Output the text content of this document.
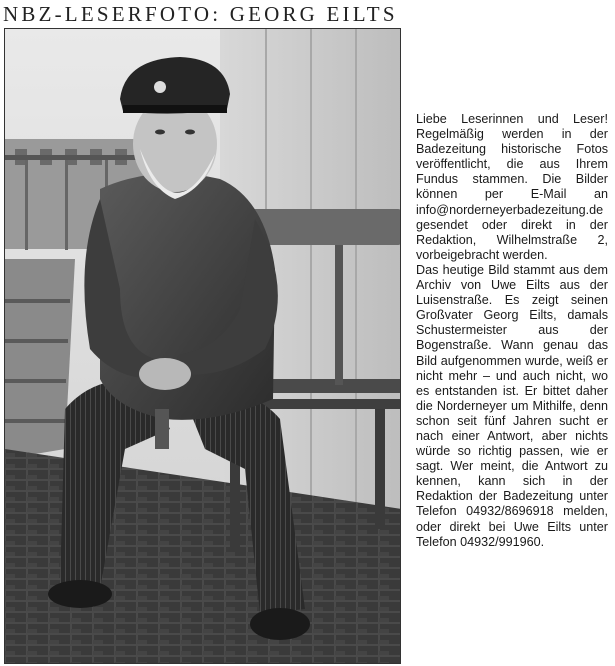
NBZ-LESERFOTO: GEORG EILTS

Liebe Leserinnen und Leser! Regelmäßig werden in der Badezeitung historische Fotos veröffentlicht, die aus Ihrem Fundus stammen. Die Bilder können per E-Mail an info@norderneyerbadezeitung.de gesendet oder direkt in der Redaktion, Wilhelmstraße 2, vorbeigebracht werden.

Das heutige Bild stammt aus dem Archiv von Uwe Eilts aus der Luisenstraße. Es zeigt seinen Großvater Georg Eilts, damals Schustermeister aus der Bogenstraße. Wann genau das Bild aufgenommen wurde, weiß er nicht mehr – und auch nicht, wo es entstanden ist. Er bittet daher die Norderneyer um Mithilfe, denn schon seit fünf Jahren sucht er nach einer Antwort, aber nichts würde so richtig passen, wie er sagt. Wer meint, die Antwort zu kennen, kann sich in der Redaktion der Badezeitung unter Telefon 04932/8696918 melden, oder direkt bei Uwe Eilts unter Telefon 04932/991960.
